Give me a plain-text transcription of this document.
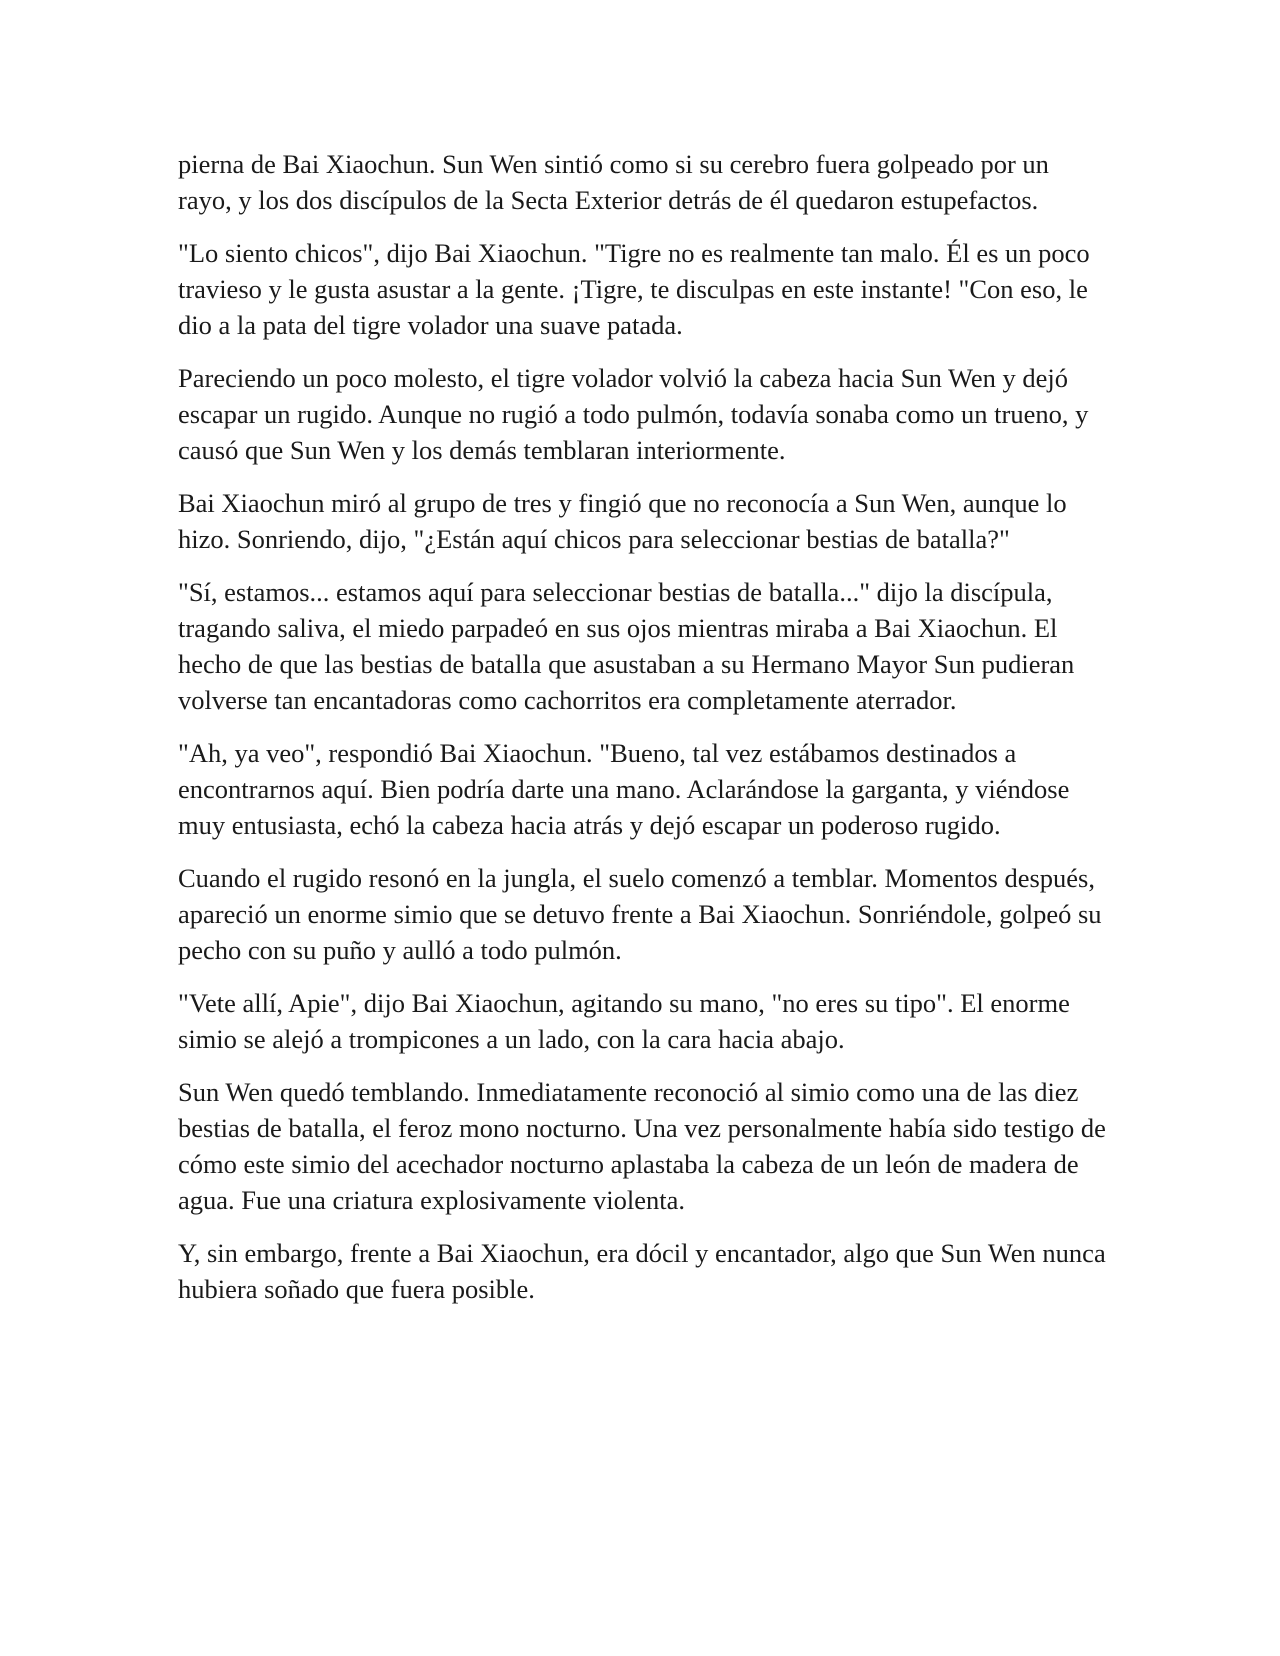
pierna de Bai Xiaochun. Sun Wen sintió como si su cerebro fuera golpeado por un rayo, y los dos discípulos de la Secta Exterior detrás de él quedaron estupefactos.

"Lo siento chicos", dijo Bai Xiaochun. "Tigre no es realmente tan malo. Él es un poco travieso y le gusta asustar a la gente. ¡Tigre, te disculpas en este instante! "Con eso, le dio a la pata del tigre volador una suave patada.

Pareciendo un poco molesto, el tigre volador volvió la cabeza hacia Sun Wen y dejó escapar un rugido. Aunque no rugió a todo pulmón, todavía sonaba como un trueno, y causó que Sun Wen y los demás temblaran interiormente.

Bai Xiaochun miró al grupo de tres y fingió que no reconocía a Sun Wen, aunque lo hizo. Sonriendo, dijo, "¿Están aquí chicos para seleccionar bestias de batalla?"

"Sí, estamos... estamos aquí para seleccionar bestias de batalla..." dijo la discípula, tragando saliva, el miedo parpadeó en sus ojos mientras miraba a Bai Xiaochun. El hecho de que las bestias de batalla que asustaban a su Hermano Mayor Sun pudieran volverse tan encantadoras como cachorritos era completamente aterrador.

"Ah, ya veo", respondió Bai Xiaochun. "Bueno, tal vez estábamos destinados a encontrarnos aquí. Bien podría darte una mano. Aclarándose la garganta, y viéndose muy entusiasta, echó la cabeza hacia atrás y dejó escapar un poderoso rugido.

Cuando el rugido resonó en la jungla, el suelo comenzó a temblar. Momentos después, apareció un enorme simio que se detuvo frente a Bai Xiaochun. Sonriéndole, golpeó su pecho con su puño y aulló a todo pulmón.

"Vete allí, Apie", dijo Bai Xiaochun, agitando su mano, "no eres su tipo". El enorme simio se alejó a trompicones a un lado, con la cara hacia abajo.

Sun Wen quedó temblando. Inmediatamente reconoció al simio como una de las diez bestias de batalla, el feroz mono nocturno. Una vez personalmente había sido testigo de cómo este simio del acechador nocturno aplastaba la cabeza de un león de madera de agua. Fue una criatura explosivamente violenta.

Y, sin embargo, frente a Bai Xiaochun, era dócil y encantador, algo que Sun Wen nunca hubiera soñado que fuera posible.
